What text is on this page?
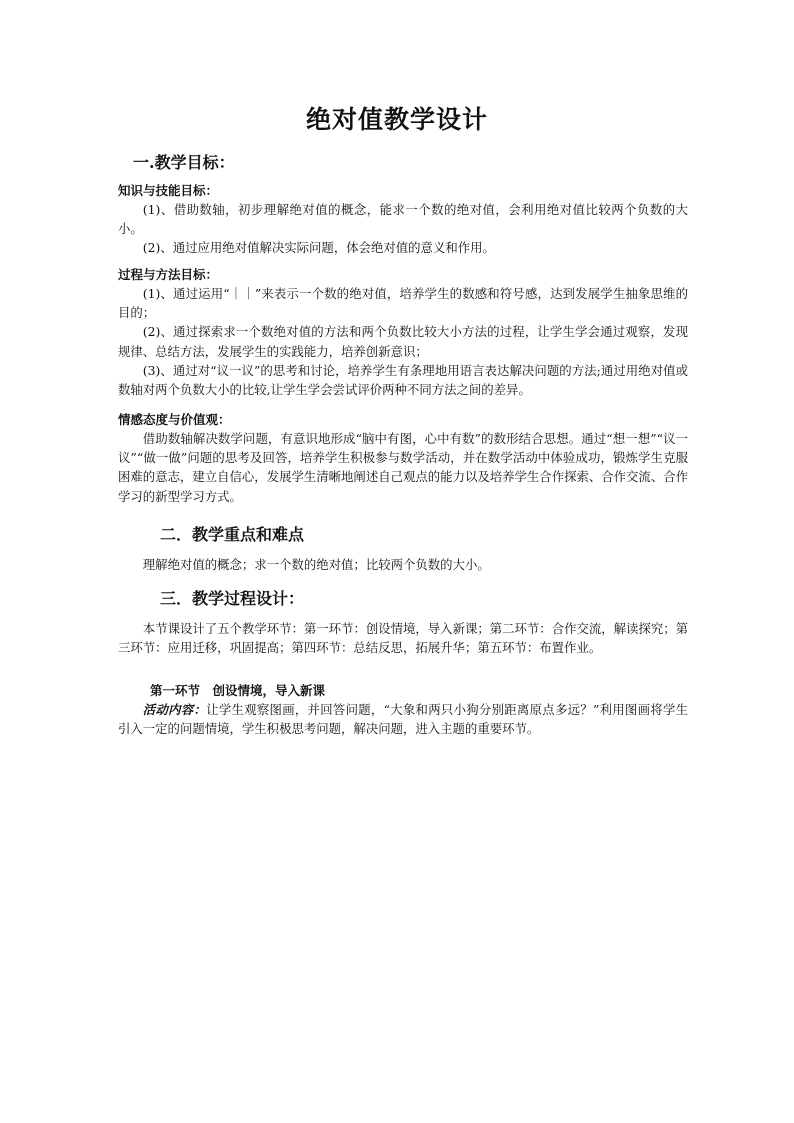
绝对值教学设计
一.教学目标：
知识与技能目标：

(1)、借助数轴，初步理解绝对值的概念，能求一个数的绝对值，会利用绝对值比较两个负数的大小。

(2)、通过应用绝对值解决实际问题，体会绝对值的意义和作用。

过程与方法目标：

(1)、通过运用“｜｜”来表示一个数的绝对值，培养学生的数感和符号感，达到发展学生抽象思维的目的；

(2)、通过探索求一个数绝对值的方法和两个负数比较大小方法的过程，让学生学会通过观察，发现规律、总结方法，发展学生的实践能力，培养创新意识；

(3)、通过对“议一议”的思考和讨论，培养学生有条理地用语言表达解决问题的方法;通过用绝对值或数轴对两个负数大小的比较,让学生学会尝试评价两种不同方法之间的差异。

情感态度与价值观：

借助数轴解决数学问题，有意识地形成“脑中有图，心中有数”的数形结合思想。通过“想一想”“议一议”“做一做”问题的思考及回答，培养学生积极参与数学活动，并在数学活动中体验成功，锻炼学生克服困难的意志，建立自信心，发展学生清晰地阐述自己观点的能力以及培养学生合作探索、合作交流、合作学习的新型学习方式。

二．教学重点和难点

理解绝对值的概念；求一个数的绝对值；比较两个负数的大小。

三．教学过程设计：

本节课设计了五个教学环节：第一环节：创设情境，导入新课；第二环节：合作交流，解读探究；第三环节：应用迁移，巩固提高；第四环节：总结反思，拓展升华；第五环节：布置作业。

第一环节　创设情境，导入新课

活动内容：让学生观察图画，并回答问题，“大象和两只小狗分别距离原点多远？”利用图画将学生引入一定的问题情境，学生积极思考问题，解决问题，进入主题的重要环节。
